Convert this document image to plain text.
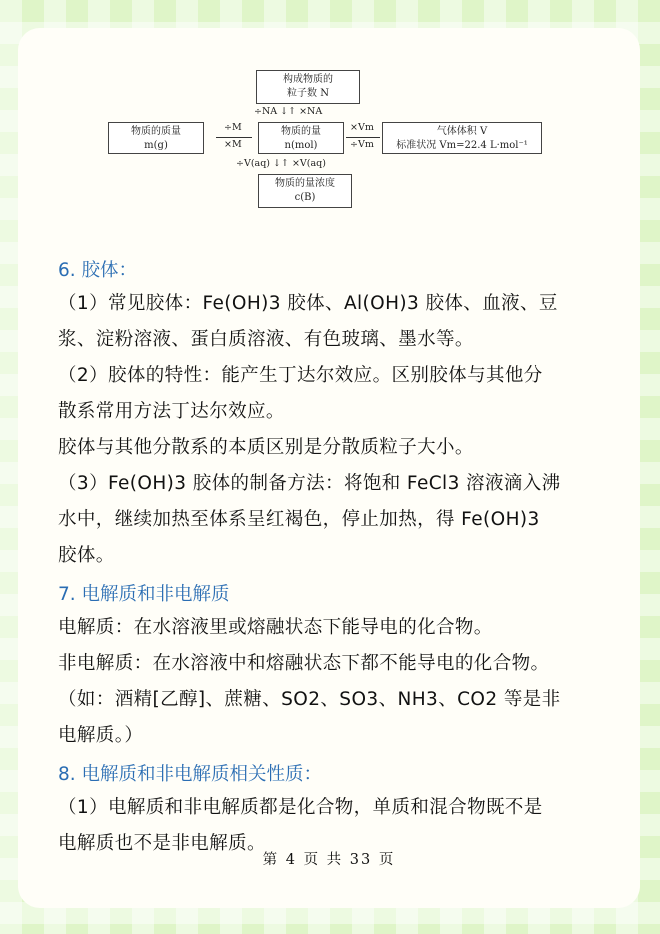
构成物质的
粒子数 N
÷NA ↓↑ ×NA
物质的质量
m(g)
÷M
×M
物质的量
n(mol)
×Vm
÷Vm
气体体积 V
标准状况 Vm=22.4 L·mol⁻¹
÷V(aq) ↓↑ ×V(aq)
物质的量浓度
c(B)

6. 胶体：

（1）常见胶体：Fe(OH)3 胶体、Al(OH)3 胶体、血液、豆

浆、淀粉溶液、蛋白质溶液、有色玻璃、墨水等。

（2）胶体的特性：能产生丁达尔效应。区别胶体与其他分

散系常用方法丁达尔效应。

胶体与其他分散系的本质区别是分散质粒子大小。

（3）Fe(OH)3 胶体的制备方法：将饱和 FeCl3 溶液滴入沸

水中，继续加热至体系呈红褐色，停止加热，得 Fe(OH)3

胶体。

7. 电解质和非电解质

电解质：在水溶液里或熔融状态下能导电的化合物。

非电解质：在水溶液中和熔融状态下都不能导电的化合物。

（如：酒精[乙醇]、蔗糖、SO2、SO3、NH3、CO2 等是非

电解质。）

8. 电解质和非电解质相关性质：

（1）电解质和非电解质都是化合物，单质和混合物既不是

电解质也不是非电解质。

第 4 页 共 33 页
